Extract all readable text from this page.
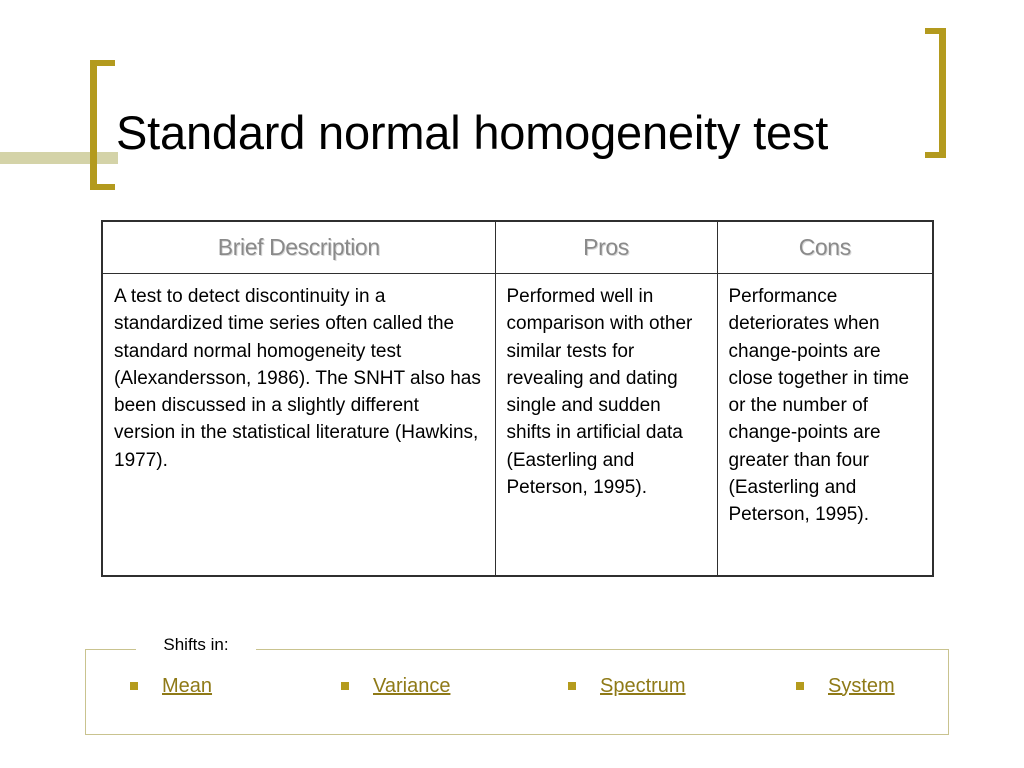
Standard normal homogeneity test
Brief Description	Pros	Cons
A test to detect discontinuity in a standardized time series often called the standard normal homogeneity test (Alexandersson, 1986). The SNHT also has been discussed in a slightly different version in the statistical literature (Hawkins, 1977).	Performed well in comparison with other similar tests for revealing and dating single and sudden shifts in artificial data (Easterling and Peterson, 1995).	Performance deteriorates when change-points are close together in time or the number of change-points are greater than four (Easterling and Peterson, 1995).
Shifts in:
Mean	Variance	Spectrum	System
